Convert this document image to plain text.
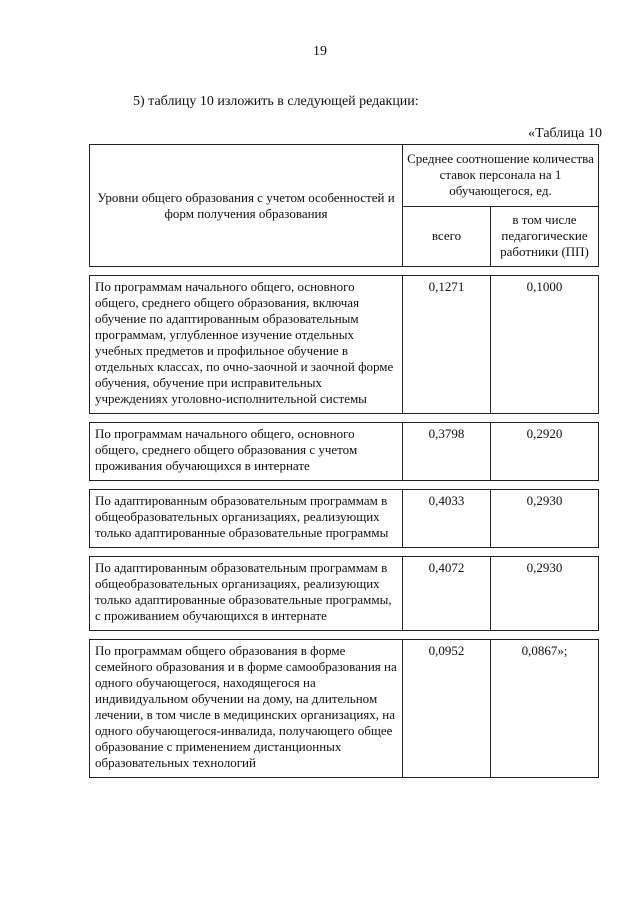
19
5) таблицу 10 изложить в следующей редакции:
«Таблица 10
Уровни общего образования с учетом особенностей и форм получения образования	Среднее соотношение количества ставок персонала на 1 обучающегося, ед.	
	всего	в том числе педагогические работники (ПП)

По программам начального общего, основного общего, среднего общего образования, включая обучение по адаптированным образовательным программам, углубленное изучение отдельных учебных предметов и профильное обучение в отдельных классах, по очно-заочной и заочной форме обучения, обучение при исправительных учреждениях уголовно-исполнительной системы	0,1271	0,1000

По программам начального общего, основного общего, среднего общего образования с учетом проживания обучающихся в интернате	0,3798	0,2920

По адаптированным образовательным программам в общеобразовательных организациях, реализующих только адаптированные образовательные программы	0,4033	0,2930

По адаптированным образовательным программам в общеобразовательных организациях, реализующих только адаптированные образовательные программы, с проживанием обучающихся в интернате	0,4072	0,2930

По программам общего образования в форме семейного образования и в форме самообразования на одного обучающегося, находящегося на индивидуальном обучении на дому, на длительном лечении, в том числе в медицинских организациях, на одного обучающегося-инвалида, получающего общее образование с применением дистанционных образовательных технологий	0,0952	0,0867»;
